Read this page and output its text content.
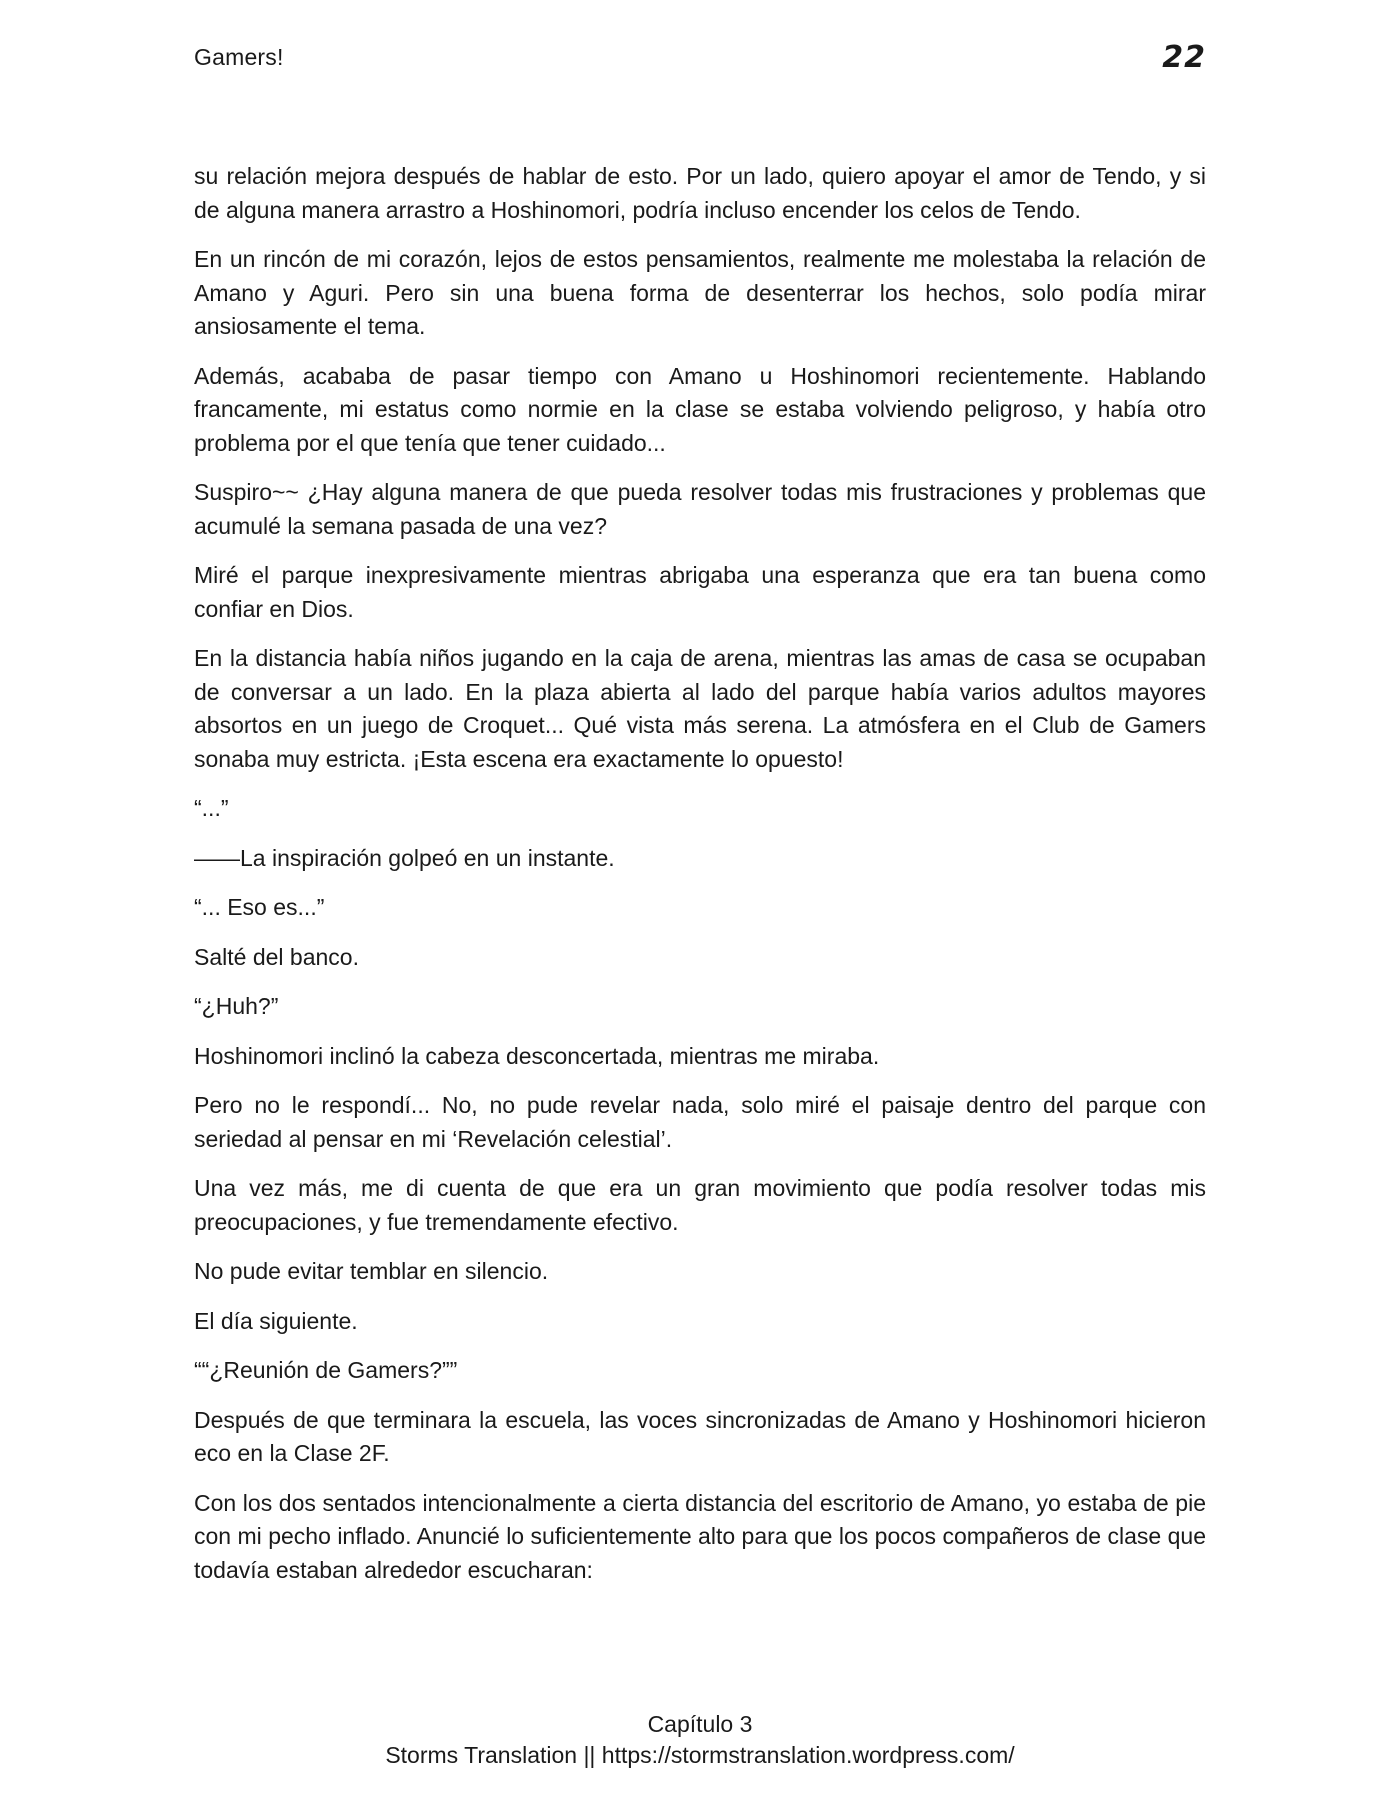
Gamers!	22

su relación mejora después de hablar de esto. Por un lado, quiero apoyar el amor de Tendo, y si de alguna manera arrastro a Hoshinomori, podría incluso encender los celos de Tendo.

En un rincón de mi corazón, lejos de estos pensamientos, realmente me molestaba la relación de Amano y Aguri. Pero sin una buena forma de desenterrar los hechos, solo podía mirar ansiosamente el tema.

Además, acababa de pasar tiempo con Amano u Hoshinomori recientemente. Hablando francamente, mi estatus como normie en la clase se estaba volviendo peligroso, y había otro problema por el que tenía que tener cuidado...

Suspiro~~ ¿Hay alguna manera de que pueda resolver todas mis frustraciones y problemas que acumulé la semana pasada de una vez?

Miré el parque inexpresivamente mientras abrigaba una esperanza que era tan buena como confiar en Dios.

En la distancia había niños jugando en la caja de arena, mientras las amas de casa se ocupaban de conversar a un lado. En la plaza abierta al lado del parque había varios adultos mayores absortos en un juego de Croquet... Qué vista más serena. La atmósfera en el Club de Gamers sonaba muy estricta. ¡Esta escena era exactamente lo opuesto!

“...”

——La inspiración golpeó en un instante.

“... Eso es...”

Salté del banco.

“¿Huh?”

Hoshinomori inclinó la cabeza desconcertada, mientras me miraba.

Pero no le respondí... No, no pude revelar nada, solo miré el paisaje dentro del parque con seriedad al pensar en mi ‘Revelación celestial’.

Una vez más, me di cuenta de que era un gran movimiento que podía resolver todas mis preocupaciones, y fue tremendamente efectivo.

No pude evitar temblar en silencio.

El día siguiente.

““¿Reunión de Gamers?””

Después de que terminara la escuela, las voces sincronizadas de Amano y Hoshinomori hicieron eco en la Clase 2F.

Con los dos sentados intencionalmente a cierta distancia del escritorio de Amano, yo estaba de pie con mi pecho inflado. Anuncié lo suficientemente alto para que los pocos compañeros de clase que todavía estaban alrededor escucharan:

Capítulo 3
Storms Translation || https://stormstranslation.wordpress.com/
